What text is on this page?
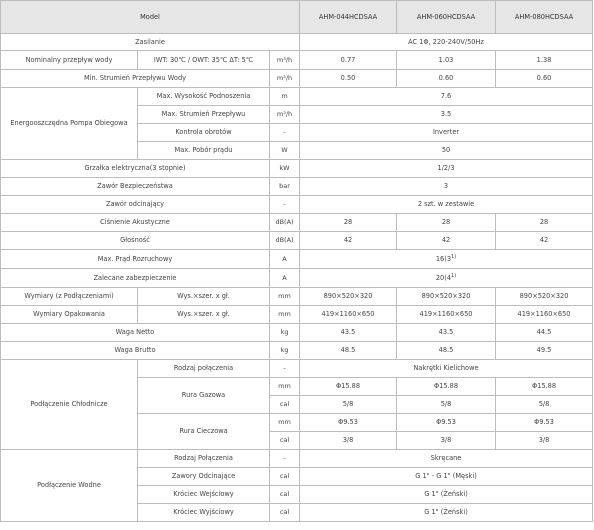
Model			AHM-044HCDSAA	AHM-060HCDSAA	AHM-080HCDSAA
Zasilanie			AC 1Φ, 220-240V/50Hz		
Nominalny przepływ wody	IWT: 30℃ / OWT: 35℃ ΔT: 5℃	m³/h	0.77	1.03	1.38
Min. Strumień Przepływu Wody		m³/h	0.50	0.60	0.60
Energooszczędna Pompa Obiegowa	Max. Wysokość Podnoszenia	m	7.6		
	Max. Strumień Przepływu	m³/h	3.5		
	Kontrola obrotów	-	Inverter		
	Max. Pobór prądu	W	50		
Grzałka elektryczna(3 stopnie)		kW	1/2/3		
Zawór Bezpieczeństwa		bar	3		
Zawór odcinający		-	2 szt. w zestawie		
Ciśnienie Akustyczne		dB(A)	28	28	28
Głośność		dB(A)	42	42	42
Max. Prąd Rozruchowy		A	16(3$^{1)}$
Zalecane zabezpieczenie		A	20(4$^{1)}$
Wymiary (z Podłączeniami)	Wys.×szer. x gł.	mm	890×520×320	890×520×320	890×520×320
Wymiary Opakowania	Wys.×szer. x gł.	mm	419×1160×650	419×1160×650	419×1160×650
Waga Netto		kg	43.5	43.5	44.5
Waga Brutto		kg	48.5	48.5	49.5
Podłączenie Chłodnicze	Rodzaj połączenia	-	Nakrętki Kielichowe		
	Rura Gazowa	mm	Φ15.88	Φ15.88	Φ15.88
		cal	5/8	5/8	5/8
	Rura Cieczowa	mm	Φ9.53	Φ9.53	Φ9.53
		cal	3/8	3/8	3/8
Podłączenie Wodne	Rodzaj Połączenia	-	Skręcane		
	Zawory Odcinające	cal	G 1" - G 1" (Męski)		
	Króciec Wejściowy	cal	G 1" (Żeński)		
	Króciec Wyjściowy	cal	G 1" (Żeński)		
